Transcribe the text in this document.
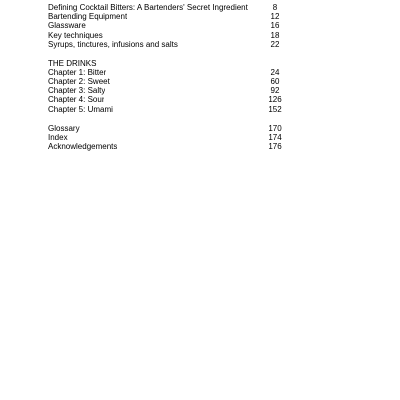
Defining Cocktail Bitters: A Bartenders' Secret Ingredient	8
Bartending Equipment	12
Glassware	16
Key techniques	18
Syrups, tinctures, infusions and salts	22
THE DRINKS
Chapter 1: Bitter	24
Chapter 2: Sweet	60
Chapter 3: Salty	92
Chapter 4: Sour	126
Chapter 5: Umami	152
Glossary	170
Index	174
Acknowledgements	176
